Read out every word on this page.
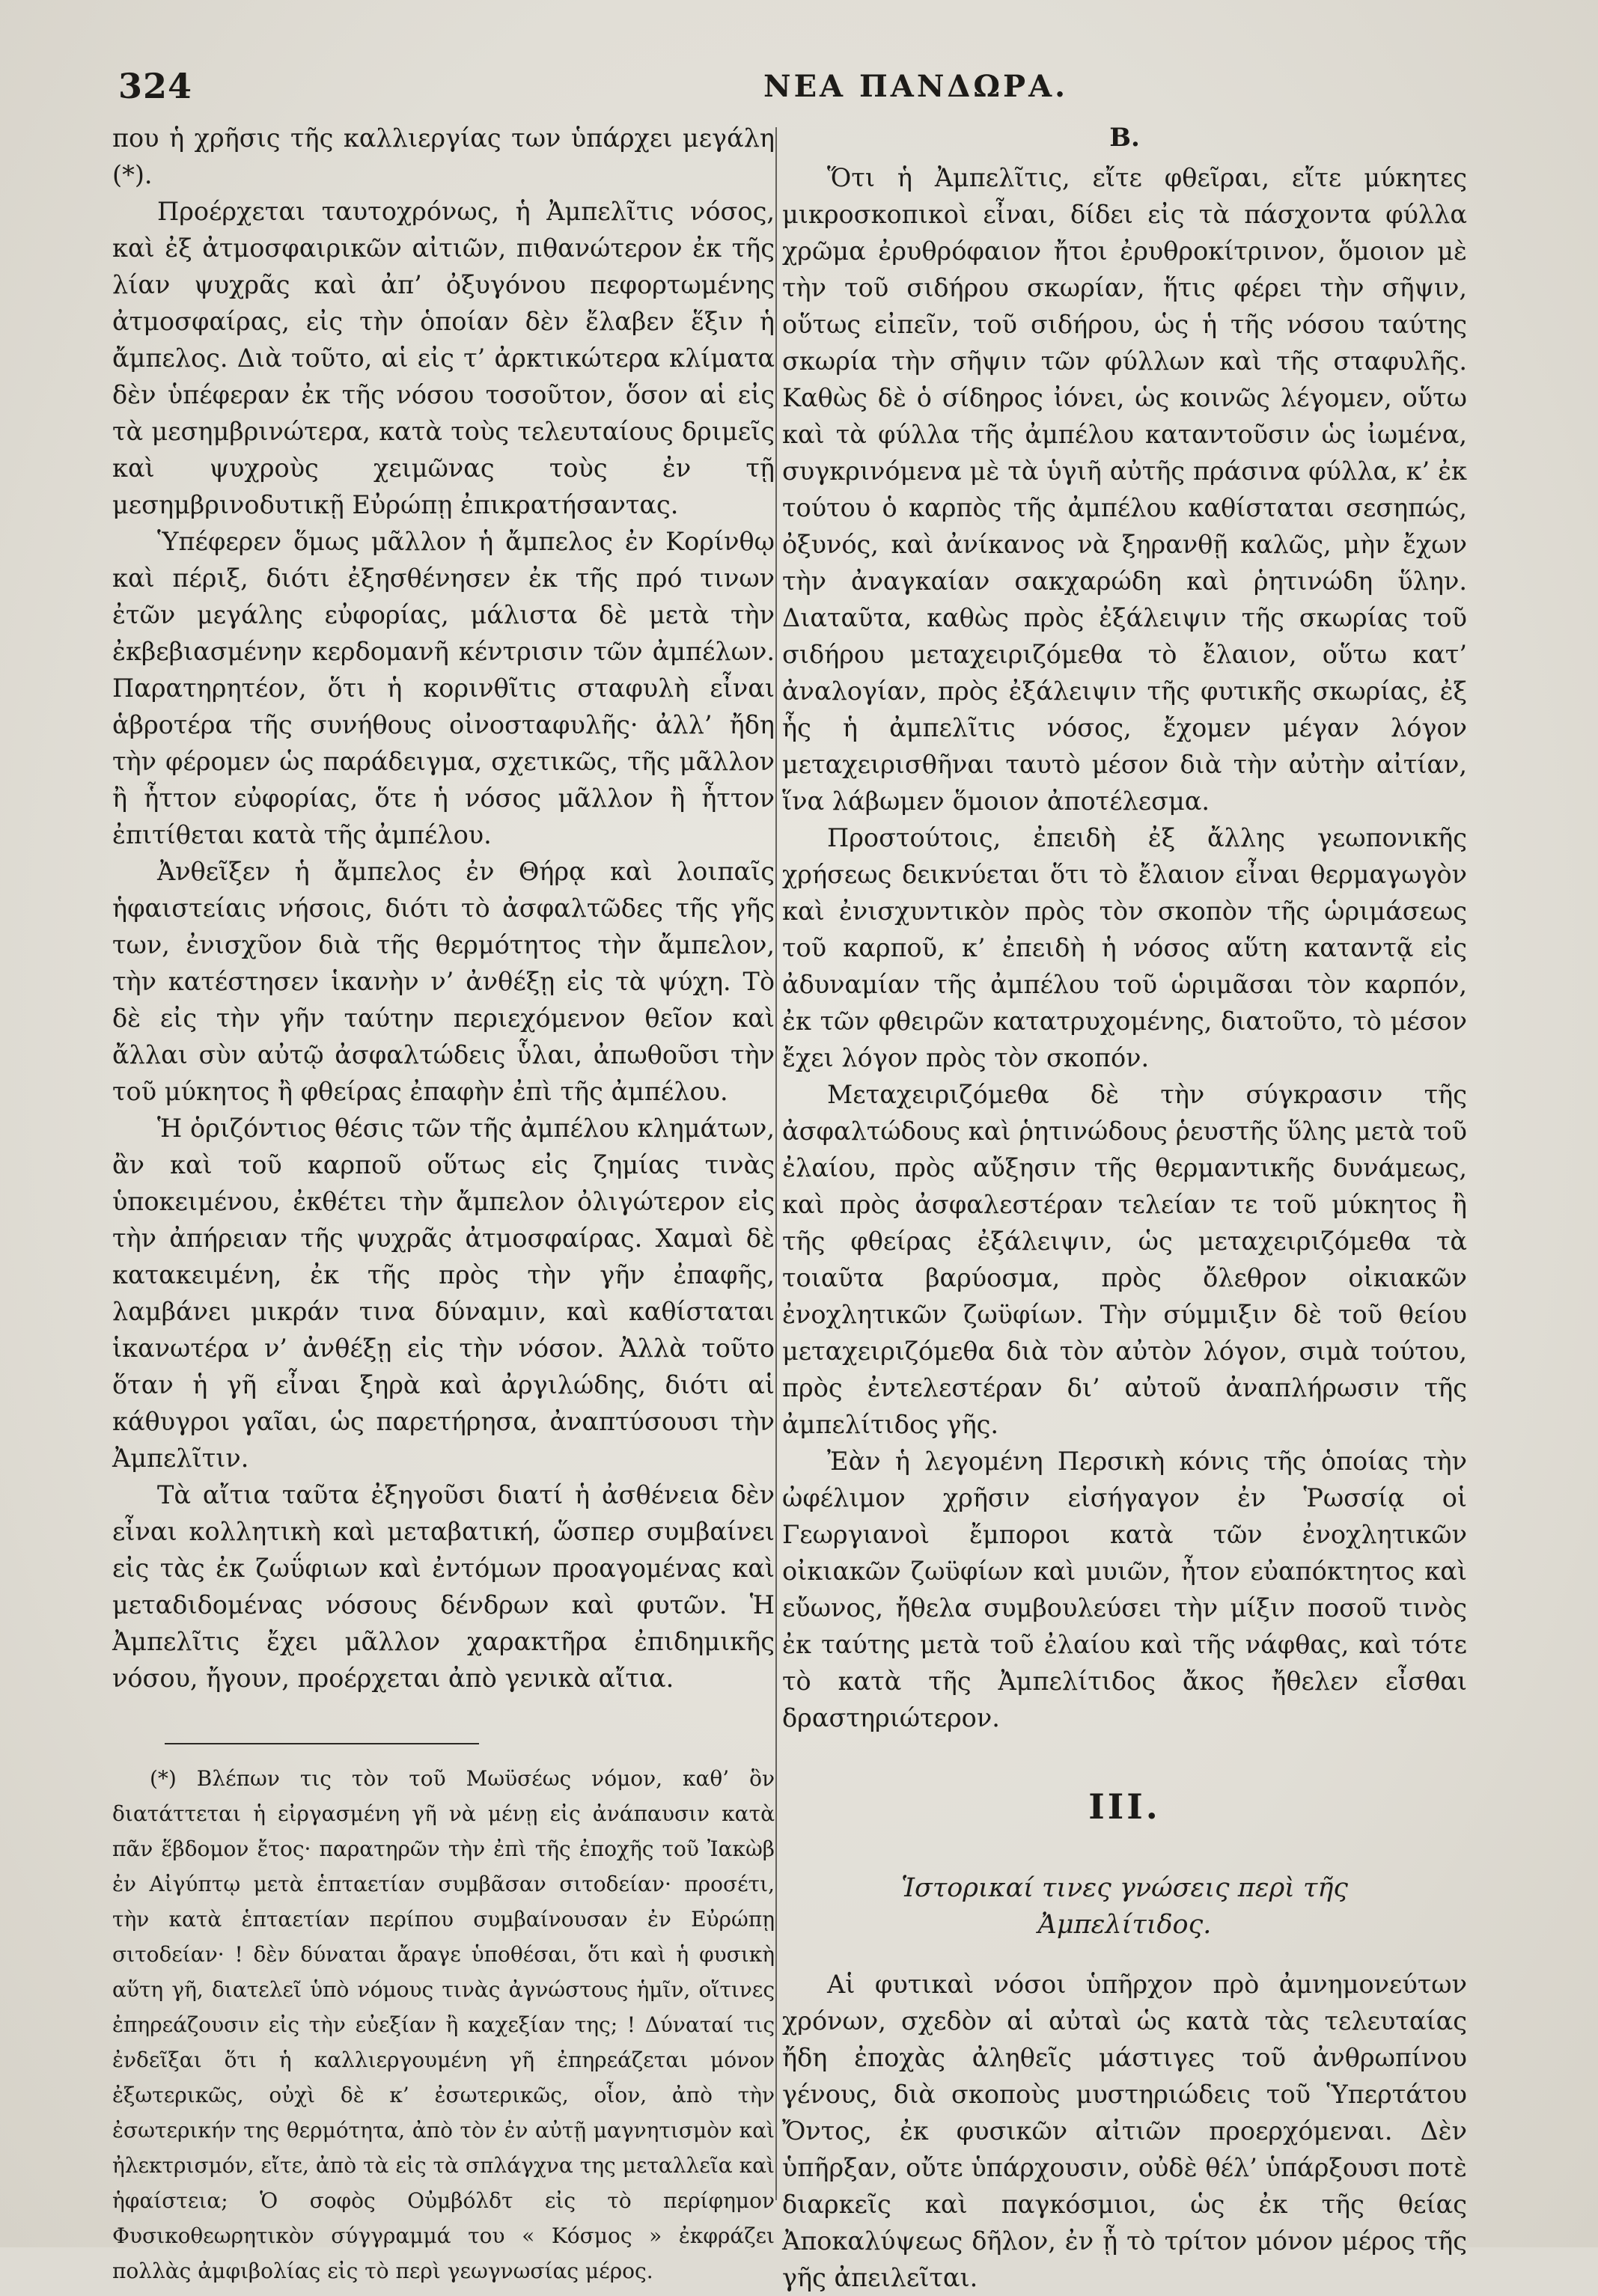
324	ΝΕΑ ΠΑΝΔΩΡΑ.

που ἡ χρῆσις τῆς καλλιεργίας των ὑπάρχει μεγάλη (*).

Προέρχεται ταυτοχρόνως, ἡ Ἀμπελῖτις νόσος, καὶ ἐξ ἀτμοσφαιρικῶν αἰτιῶν, πιθανώτερον ἐκ τῆς λίαν ψυχρᾶς καὶ ἀπ’ ὀξυγόνου πεφορτωμένης ἀτμοσφαίρας, εἰς τὴν ὁποίαν δὲν ἔλαβεν ἕξιν ἡ ἄμπελος. Διὰ τοῦτο, αἱ εἰς τ’ ἀρκτικώτερα κλίματα δὲν ὑπέφεραν ἐκ τῆς νόσου τοσοῦτον, ὅσον αἱ εἰς τὰ μεσημβρινώτερα, κατὰ τοὺς τελευταίους δριμεῖς καὶ ψυχροὺς χειμῶνας τοὺς ἐν τῇ μεσημβρινοδυτικῇ Εὐρώπῃ ἐπικρατήσαντας.

Ὑπέφερεν ὅμως μᾶλλον ἡ ἄμπελος ἐν Κορίνθῳ καὶ πέριξ, διότι ἐξησθένησεν ἐκ τῆς πρό τινων ἐτῶν μεγάλης εὐφορίας, μάλιστα δὲ μετὰ τὴν ἐκβεβιασμένην κερδομανῆ κέντρισιν τῶν ἀμπέλων. Παρατηρητέον, ὅτι ἡ κορινθῖτις σταφυλὴ εἶναι ἁβροτέρα τῆς συνήθους οἰνοσταφυλῆς· ἀλλ’ ἤδη τὴν φέρομεν ὡς παράδειγμα, σχετικῶς, τῆς μᾶλλον ἢ ἧττον εὐφορίας, ὅτε ἡ νόσος μᾶλλον ἢ ἧττον ἐπιτίθεται κατὰ τῆς ἀμπέλου.

Ἀνθεῖξεν ἡ ἄμπελος ἐν Θήρᾳ καὶ λοιπαῖς ἡφαιστείαις νήσοις, διότι τὸ ἀσφαλτῶδες τῆς γῆς των, ἐνισχῦον διὰ τῆς θερμότητος τὴν ἄμπελον, τὴν κατέστησεν ἱκανὴν ν’ ἀνθέξῃ εἰς τὰ ψύχη. Τὸ δὲ εἰς τὴν γῆν ταύτην περιεχόμενον θεῖον καὶ ἄλλαι σὺν αὐτῷ ἀσφαλτώδεις ὗλαι, ἀπωθοῦσι τὴν τοῦ μύκητος ἢ φθείρας ἐπαφὴν ἐπὶ τῆς ἀμπέλου.

Ἡ ὁριζόντιος θέσις τῶν τῆς ἀμπέλου κλημάτων, ἂν καὶ τοῦ καρποῦ οὕτως εἰς ζημίας τινὰς ὑποκειμένου, ἐκθέτει τὴν ἄμπελον ὀλιγώτερον εἰς τὴν ἀπήρειαν τῆς ψυχρᾶς ἀτμοσφαίρας. Χαμαὶ δὲ κατακειμένη, ἐκ τῆς πρὸς τὴν γῆν ἐπαφῆς, λαμβάνει μικράν τινα δύναμιν, καὶ καθίσταται ἱκανωτέρα ν’ ἀνθέξῃ εἰς τὴν νόσον. Ἀλλὰ τοῦτο ὅταν ἡ γῆ εἶναι ξηρὰ καὶ ἀργιλώδης, διότι αἱ κάθυγροι γαῖαι, ὡς παρετήρησα, ἀναπτύσουσι τὴν Ἀμπελῖτιν.

Τὰ αἴτια ταῦτα ἐξηγοῦσι διατί ἡ ἀσθένεια δὲν εἶναι κολλητικὴ καὶ μεταβατική, ὥσπερ συμβαίνει εἰς τὰς ἐκ ζωΰφιων καὶ ἐντόμων προαγομένας καὶ μεταδιδομένας νόσους δένδρων καὶ φυτῶν. Ἡ Ἀμπελῖτις ἔχει μᾶλλον χαρακτῆρα ἐπιδημικῆς νόσου, ἤγουν, προέρχεται ἀπὸ γενικὰ αἴτια.

(*) Βλέπων τις τὸν τοῦ Μωϋσέως νόμον, καθ’ ὃν διατάττεται ἡ εἰργασμένη γῆ νὰ μένῃ εἰς ἀνάπαυσιν κατὰ πᾶν ἕβδομον ἔτος· παρατηρῶν τὴν ἐπὶ τῆς ἐποχῆς τοῦ Ἰακὼβ ἐν Αἰγύπτῳ μετὰ ἑπταετίαν συμβᾶσαν σιτοδείαν· προσέτι, τὴν κατὰ ἑπταετίαν περίπου συμβαίνουσαν ἐν Εὐρώπῃ σιτοδείαν· ! δὲν δύναται ἄραγε ὑποθέσαι, ὅτι καὶ ἡ φυσικὴ αὕτη γῆ, διατελεῖ ὑπὸ νόμους τινὰς ἀγνώστους ἡμῖν, οἵτινες ἐπηρεάζουσιν εἰς τὴν εὐεξίαν ἢ καχεξίαν της; ! Δύναταί τις ἐνδεῖξαι ὅτι ἡ καλλιεργουμένη γῆ ἐπηρεάζεται μόνον ἐξωτερικῶς, οὐχὶ δὲ κ’ ἐσωτερικῶς, οἷον, ἀπὸ τὴν ἐσωτερικήν της θερμότητα, ἀπὸ τὸν ἐν αὐτῇ μαγνητισμὸν καὶ ἠλεκτρισμόν, εἴτε, ἀπὸ τὰ εἰς τὰ σπλάγχνα της μεταλλεῖα καὶ ἡφαίστεια; Ὁ σοφὸς Οὐμβόλδτ εἰς τὸ περίφημον Φυσικοθεωρητικὸν σύγγραμμά του « Κόσμος » ἐκφράζει πολλὰς ἀμφιβολίας εἰς τὸ περὶ γεωγνωσίας μέρος.

Β.

Ὅτι ἡ Ἀμπελῖτις, εἴτε φθεῖραι, εἴτε μύκητες μικροσκοπικοὶ εἶναι, δίδει εἰς τὰ πάσχοντα φύλλα χρῶμα ἐρυθρόφαιον ἤτοι ἐρυθροκίτρινον, ὅμοιον μὲ τὴν τοῦ σιδήρου σκωρίαν, ἥτις φέρει τὴν σῆψιν, οὕτως εἰπεῖν, τοῦ σιδήρου, ὡς ἡ τῆς νόσου ταύτης σκωρία τὴν σῆψιν τῶν φύλλων καὶ τῆς σταφυλῆς. Καθὼς δὲ ὁ σίδηρος ἰόνει, ὡς κοινῶς λέγομεν, οὕτω καὶ τὰ φύλλα τῆς ἀμπέλου καταντοῦσιν ὡς ἰωμένα, συγκρινόμενα μὲ τὰ ὑγιῆ αὐτῆς πράσινα φύλλα, κ’ ἐκ τούτου ὁ καρπὸς τῆς ἀμπέλου καθίσταται σεσηπώς, ὀξυνός, καὶ ἀνίκανος νὰ ξηρανθῇ καλῶς, μὴν ἔχων τὴν ἀναγκαίαν σακχαρώδη καὶ ῥητινώδη ὕλην. Διαταῦτα, καθὼς πρὸς ἐξάλειψιν τῆς σκωρίας τοῦ σιδήρου μεταχειριζόμεθα τὸ ἔλαιον, οὕτω κατ’ ἀναλογίαν, πρὸς ἐξάλειψιν τῆς φυτικῆς σκωρίας, ἐξ ἧς ἡ ἀμπελῖτις νόσος, ἔχομεν μέγαν λόγον μεταχειρισθῆναι ταυτὸ μέσον διὰ τὴν αὐτὴν αἰτίαν, ἵνα λάβωμεν ὅμοιον ἀποτέλεσμα.

Προστούτοις, ἐπειδὴ ἐξ ἄλλης γεωπονικῆς χρήσεως δεικνύεται ὅτι τὸ ἔλαιον εἶναι θερμαγωγὸν καὶ ἐνισχυντικὸν πρὸς τὸν σκοπὸν τῆς ὡριμάσεως τοῦ καρποῦ, κ’ ἐπειδὴ ἡ νόσος αὕτη καταντᾷ εἰς ἀδυναμίαν τῆς ἀμπέλου τοῦ ὡριμᾶσαι τὸν καρπόν, ἐκ τῶν φθειρῶν κατατρυχομένης, διατοῦτο, τὸ μέσον ἔχει λόγον πρὸς τὸν σκοπόν.

Μεταχειριζόμεθα δὲ τὴν σύγκρασιν τῆς ἀσφαλτώδους καὶ ῥητινώδους ῥευστῆς ὕλης μετὰ τοῦ ἐλαίου, πρὸς αὔξησιν τῆς θερμαντικῆς δυνάμεως, καὶ πρὸς ἀσφαλεστέραν τελείαν τε τοῦ μύκητος ἢ τῆς φθείρας ἐξάλειψιν, ὡς μεταχειριζόμεθα τὰ τοιαῦτα βαρύοσμα, πρὸς ὄλεθρον οἰκιακῶν ἐνοχλητικῶν ζωϋφίων. Τὴν σύμμιξιν δὲ τοῦ θείου μεταχειριζόμεθα διὰ τὸν αὐτὸν λόγον, σιμὰ τούτου, πρὸς ἐντελεστέραν δι’ αὐτοῦ ἀναπλήρωσιν τῆς ἀμπελίτιδος γῆς.

Ἐὰν ἡ λεγομένη Περσικὴ κόνις τῆς ὁποίας τὴν ὠφέλιμον χρῆσιν εἰσήγαγον ἐν Ῥωσσίᾳ οἱ Γεωργιανοὶ ἔμποροι κατὰ τῶν ἐνοχλητικῶν οἰκιακῶν ζωϋφίων καὶ μυιῶν, ἦτον εὐαπόκτητος καὶ εὔωνος, ἤθελα συμβουλεύσει τὴν μίξιν ποσοῦ τινὸς ἐκ ταύτης μετὰ τοῦ ἐλαίου καὶ τῆς νάφθας, καὶ τότε τὸ κατὰ τῆς Ἀμπελίτιδος ἄκος ἤθελεν εἶσθαι δραστηριώτερον.

III.

Ἱστορικαί τινες γνώσεις περὶ τῆς

Ἀμπελίτιδος.

Αἱ φυτικαὶ νόσοι ὑπῆρχον πρὸ ἀμνημονεύτων χρόνων, σχεδὸν αἱ αὐταὶ ὡς κατὰ τὰς τελευταίας ἤδη ἐποχὰς ἀληθεῖς μάστιγες τοῦ ἀνθρωπίνου γένους, διὰ σκοποὺς μυστηριώδεις τοῦ Ὑπερτάτου Ὄντος, ἐκ φυσικῶν αἰτιῶν προερχόμεναι. Δὲν ὑπῆρξαν, οὔτε ὑπάρχουσιν, οὐδὲ θέλ’ ὑπάρξουσι ποτὲ διαρκεῖς καὶ παγκόσμιοι, ὡς ἐκ τῆς θείας Ἀποκαλύψεως δῆλον, ἐν ᾗ τὸ τρίτον μόνον μέρος τῆς γῆς ἀπειλεῖται.
